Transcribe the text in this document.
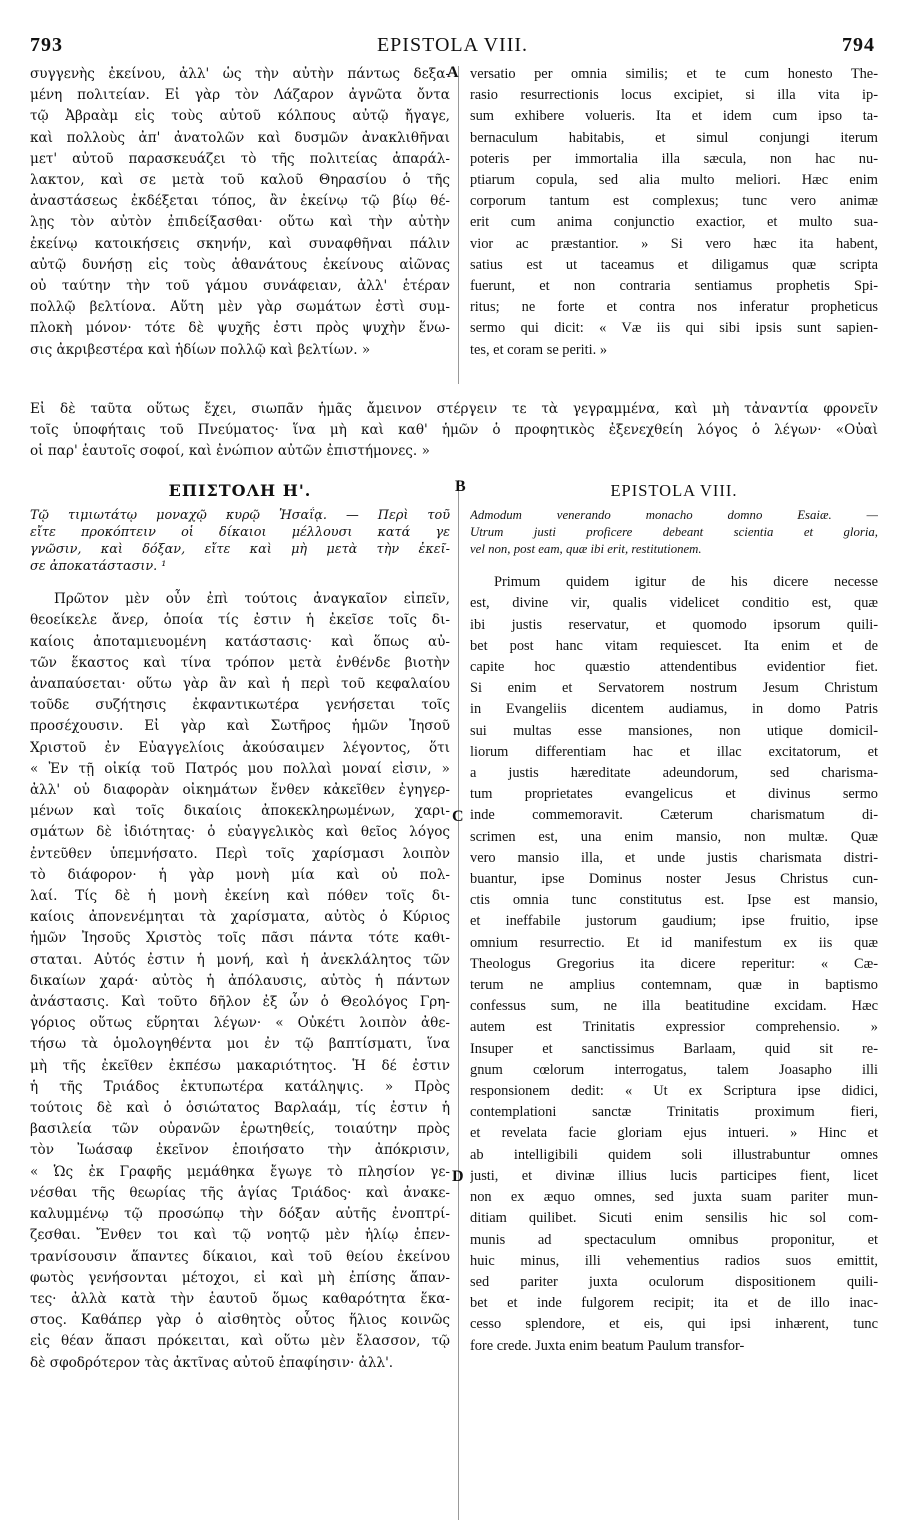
793	EPISTOLA VIII.	794
A
B
C
D
συγγενὴς ἐκείνου, ἀλλ' ὡς τὴν αὐτὴν πάντως δεξα-
μένη πολιτείαν. Εἰ γὰρ τὸν Λάζαρον ἀγνῶτα ὄντα
τῷ Ἀβραὰμ εἰς τοὺς αὐτοῦ κόλπους αὐτῷ ἤγαγε,
καὶ πολλοὺς ἀπ' ἀνατολῶν καὶ δυσμῶν ἀνακλιθῆναι
μετ' αὐτοῦ παρασκευάζει τὸ τῆς πολιτείας ἀπαράλ-
λακτον, καὶ σε μετὰ τοῦ καλοῦ Θηρασίου ὁ τῆς
ἀναστάσεως ἐκδέξεται τόπος, ἂν ἐκείνῳ τῷ βίῳ θέ-
λῃς τὸν αὐτὸν ἐπιδείξασθαι· οὕτω καὶ τὴν αὐτὴν
ἐκείνῳ κατοικήσεις σκηνήν, καὶ συναφθῆναι πάλιν
αὐτῷ δυνήσῃ εἰς τοὺς ἀθανάτους ἐκείνους αἰῶνας
οὐ ταύτην τὴν τοῦ γάμου συνάφειαν, ἀλλ' ἑτέραν
πολλῷ βελτίονα. Αὕτη μὲν γὰρ σωμάτων ἐστὶ συμ-
πλοκὴ μόνον· τότε δὲ ψυχῆς ἐστι πρὸς ψυχὴν ἕνω-
σις ἀκριβεστέρα καὶ ἡδίων πολλῷ καὶ βελτίων. »
versatio per omnia similis; et te cum honesto The-
rasio resurrectionis locus excipiet, si illa vita ip-
sum exhibere volueris. Ita et idem cum ipso ta-
bernaculum habitabis, et simul conjungi iterum
poteris per immortalia illa sæcula, non hac nu-
ptiarum copula, sed alia multo meliori. Hæc enim
corporum tantum est complexus; tunc vero animæ
erit cum anima conjunctio exactior, et multo sua-
vior ac præstantior. » Si vero hæc ita habent,
satius est ut taceamus et diligamus quæ scripta
fuerunt, et non contraria sentiamus prophetis Spi-
ritus; ne forte et contra nos inferatur propheticus
sermo qui dicit: « Væ iis qui sibi ipsis sunt sapien-
tes, et coram se periti. »
Εἰ δὲ ταῦτα οὕτως ἔχει, σιωπᾶν ἡμᾶς ἄμεινον στέργειν τε τὰ γεγραμμένα, καὶ μὴ τἀναντία φρονεῖν
τοῖς ὑποφήταις τοῦ Πνεύματος· ἵνα μὴ καὶ καθ' ἡμῶν ὁ προφητικὸς ἐξενεχθείη λόγος ὁ λέγων· «Οὐαὶ
οἱ παρ' ἑαυτοῖς σοφοί, καὶ ἐνώπιον αὐτῶν ἐπιστήμονες. »
ΕΠΙΣΤΟΛΗ Η'.
Τῷ τιμιωτάτῳ μοναχῷ κυρῷ Ἠσαΐᾳ. — Περὶ τοῦ
εἴτε προκόπτειν οἱ δίκαιοι μέλλουσι κατά γε
γνῶσιν, καὶ δόξαν, εἴτε καὶ μὴ μετὰ τὴν ἐκεῖ-
σε ἀποκατάστασιν. ¹
Πρῶτον μὲν οὖν ἐπὶ τούτοις ἀναγκαῖον εἰπεῖν,
θεοείκελε ἄνερ, ὁποία τίς ἐστιν ἡ ἐκεῖσε τοῖς δι-
καίοις ἀποταμιευομένη κατάστασις· καὶ ὅπως αὐ-
τῶν ἕκαστος καὶ τίνα τρόπον μετὰ ἐνθένδε βιοτὴν
ἀναπαύσεται· οὕτω γὰρ ἂν καὶ ἡ περὶ τοῦ κεφαλαίου
τοῦδε συζήτησις ἐκφαντικωτέρα γενήσεται τοῖς
προσέχουσιν. Εἰ γὰρ καὶ Σωτῆρος ἡμῶν Ἰησοῦ
Χριστοῦ ἐν Εὐαγγελίοις ἀκούσαιμεν λέγοντος, ὅτι
« Ἐν τῇ οἰκίᾳ τοῦ Πατρός μου πολλαὶ μοναί εἰσιν, »
ἀλλ' οὐ διαφορὰν οἰκημάτων ἔνθεν κἀκεῖθεν ἐγηγερ-
μένων καὶ τοῖς δικαίοις ἀποκεκληρωμένων, χαρι-
σμάτων δὲ ἰδιότητας· ὁ εὐαγγελικὸς καὶ θεῖος λόγος
ἐντεῦθεν ὑπεμνήσατο. Περὶ τοῖς χαρίσμασι λοιπὸν
τὸ διάφορον· ἡ γὰρ μονὴ μία καὶ οὐ πολ-
λαί. Τίς δὲ ἡ μονὴ ἐκείνη καὶ πόθεν τοῖς δι-
καίοις ἀπονενέμηται τὰ χαρίσματα, αὐτὸς ὁ Κύριος
ἡμῶν Ἰησοῦς Χριστὸς τοῖς πᾶσι πάντα τότε καθι-
σταται. Αὐτός ἐστιν ἡ μονή, καὶ ἡ ἀνεκλάλητος τῶν
δικαίων χαρά· αὐτὸς ἡ ἀπόλαυσις, αὐτὸς ἡ πάντων
ἀνάστασις. Καὶ τοῦτο δῆλον ἐξ ὧν ὁ Θεολόγος Γρη-
γόριος οὕτως εὕρηται λέγων· « Οὐκέτι λοιπὸν ἀθε-
τήσω τὰ ὁμολογηθέντα μοι ἐν τῷ βαπτίσματι, ἵνα
μὴ τῆς ἐκεῖθεν ἐκπέσω μακαριότητος. Ἡ δέ ἐστιν
ἡ τῆς Τριάδος ἐκτυπωτέρα κατάληψις. » Πρὸς
τούτοις δὲ καὶ ὁ ὁσιώτατος Βαρλαάμ, τίς ἐστιν ἡ
βασιλεία τῶν οὐρανῶν ἐρωτηθείς, τοιαύτην πρὸς
τὸν Ἰωάσαφ ἐκεῖνον ἐποιήσατο τὴν ἀπόκρισιν,
« Ὡς ἐκ Γραφῆς μεμάθηκα ἔγωγε τὸ πλησίον γε-
νέσθαι τῆς θεωρίας τῆς ἁγίας Τριάδος· καὶ ἀνακε-
καλυμμένῳ τῷ προσώπῳ τὴν δόξαν αὐτῆς ἐνοπτρί-
ζεσθαι. Ἔνθεν τοι καὶ τῷ νοητῷ μὲν ἡλίῳ ἐπεν-
τρανίσουσιν ἅπαντες δίκαιοι, καὶ τοῦ θείου ἐκείνου
φωτὸς γενήσονται μέτοχοι, εἰ καὶ μὴ ἐπίσης ἅπαν-
τες· ἀλλὰ κατὰ τὴν ἑαυτοῦ ὅμως καθαρότητα ἕκα-
στος. Καθάπερ γὰρ ὁ αἰσθητὸς οὗτος ἥλιος κοινῶς
εἰς θέαν ἅπασι πρόκειται, καὶ οὕτω μὲν ἔλασσον, τῷ
δὲ σφοδρότερον τὰς ἀκτῖνας αὐτοῦ ἐπαφίησιν· ἀλλ'.
EPISTOLA VIII.
Admodum venerando monacho domno Esaiæ. —
Utrum justi proficere debeant scientia et gloria,
vel non, post eam, quæ ibi erit, restitutionem.
Primum quidem igitur de his dicere necesse
est, divine vir, qualis videlicet conditio est, quæ
ibi justis reservatur, et quomodo ipsorum quili-
bet post hanc vitam requiescet. Ita enim et de
capite hoc quæstio attendentibus evidentior fiet.
Si enim et Servatorem nostrum Jesum Christum
in Evangeliis dicentem audiamus, in domo Patris
sui multas esse mansiones, non utique domicil-
liorum differentiam hac et illac excitatorum, et
a justis hæreditate adeundorum, sed charisma-
tum proprietates evangelicus et divinus sermo
inde commemoravit. Cæterum charismatum di-
scrimen est, una enim mansio, non multæ. Quæ
vero mansio illa, et unde justis charismata distri-
buantur, ipse Dominus noster Jesus Christus cun-
ctis omnia tunc constitutus est. Ipse est mansio,
et ineffabile justorum gaudium; ipse fruitio, ipse
omnium resurrectio. Et id manifestum ex iis quæ
Theologus Gregorius ita dicere reperitur: « Cæ-
terum ne amplius contemnam, quæ in baptismo
confessus sum, ne illa beatitudine excidam. Hæc
autem est Trinitatis expressior comprehensio. »
Insuper et sanctissimus Barlaam, quid sit re-
gnum cœlorum interrogatus, talem Joasapho illi
responsionem dedit: « Ut ex Scriptura ipse didici,
contemplationi sanctæ Trinitatis proximum fieri,
et revelata facie gloriam ejus intueri. » Hinc et
ab intelligibili quidem soli illustrabuntur omnes
justi, et divinæ illius lucis participes fient, licet
non ex æquo omnes, sed juxta suam pariter mun-
ditiam quilibet. Sicuti enim sensilis hic sol com-
munis ad spectaculum omnibus proponitur, et
huic minus, illi vehementius radios suos emittit,
sed pariter juxta oculorum dispositionem quili-
bet et inde fulgorem recipit; ita et de illo inac-
cesso splendore, et eis, qui ipsi inhærent, tunc
fore crede. Juxta enim beatum Paulum transfor-
